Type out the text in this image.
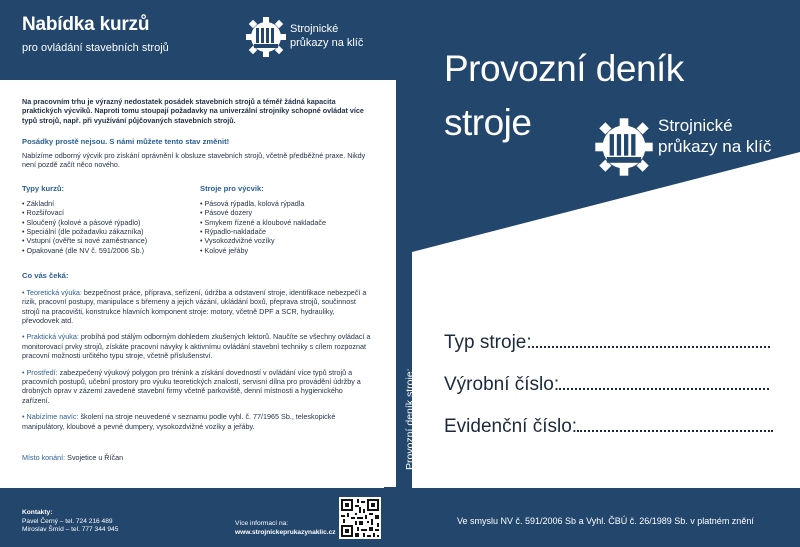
Nabídka kurzů
pro ovládání stavebních strojů
Strojnické
průkazy na klíč
Na pracovním trhu je výrazný nedostatek posádek stavebních strojů a téměř žádná kapacita praktických výcviků. Naproti tomu stoupají požadavky na univerzální strojníky schopné ovládat více typů strojů, např. při využívání půjčovaných stavebních strojů.
Posádky prostě nejsou. S námi můžete tento stav změnit!
Nabízíme odborný výcvik pro získání oprávnění k obsluze stavebních strojů, včetně předběžné praxe. Nikdy není pozdě začít něco nového.
Typy kurzů:
• Základní
• Rozšiřovací
• Sloučený (kolové a pásové rýpadlo)
• Speciální (dle požadavku zákazníka)
• Vstupní (ověřte si nové zaměstnance)
• Opakované (dle NV č. 591/2006 Sb.)
Stroje pro výcvik:
• Pásová rýpadla, kolová rýpadla
• Pásové dozery
• Smykem řízené a kloubové nakladače
• Rýpadlo-nakladače
• Vysokozdvižné vozíky
• Kolové jeřáby
Co vás čeká:
• Teoretická výuka: bezpečnost práce, příprava, seřízení, údržba a odstavení stroje, identifikace nebezpečí a rizik, pracovní postupy, manipulace s břemeny a jejich vázání, ukládání boxů, přeprava strojů, součinnost strojů na pracovišti, konstrukce hlavních komponent stroje: motory, včetně DPF a SCR, hydrauliky, převodovek atd.
• Praktická výuka: probíhá pod stálým odborným dohledem zkušených lektorů. Naučíte se všechny ovládací a monitorovací prvky strojů, získáte pracovní návyky k aktivnímu ovládání stavební techniky s cílem rozpoznat pracovní možnosti určitého typu stroje, včetně příslušenství.
• Prostředí: zabezpečený výukový polygon pro trénink a získání dovedností v ovládání více typů strojů a pracovních postupů, učební prostory pro výuku teoretických znalostí, servisní dílna pro provádění údržby a drobných oprav v zázemí zavedené stavební firmy včetně parkoviště, denní místnosti a hygienického zařízení.
• Nabízíme navíc: školení na stroje neuvedené v seznamu podle vyhl. č. 77/1965 Sb., teleskopické manipulátory, kloubové a pevné dumpery, vysokozdvižné vozíky a jeřáby.
Místo konání: Svojetice u Říčan
Kontakty:
Pavel Černý – tel. 724 216 489
Miroslav Šmíd – tel. 777 344 945
Více informací na:
www.strojnickeprukazynaklic.cz
Provozní deník stroje:
Provozní deník
stroje	Strojnické
průkazy na klíč
Typ stroje:
Výrobní číslo:
Evidenční číslo:
Ve smyslu NV č. 591/2006 Sb a Vyhl. ČBÚ č. 26/1989 Sb. v platném znění
